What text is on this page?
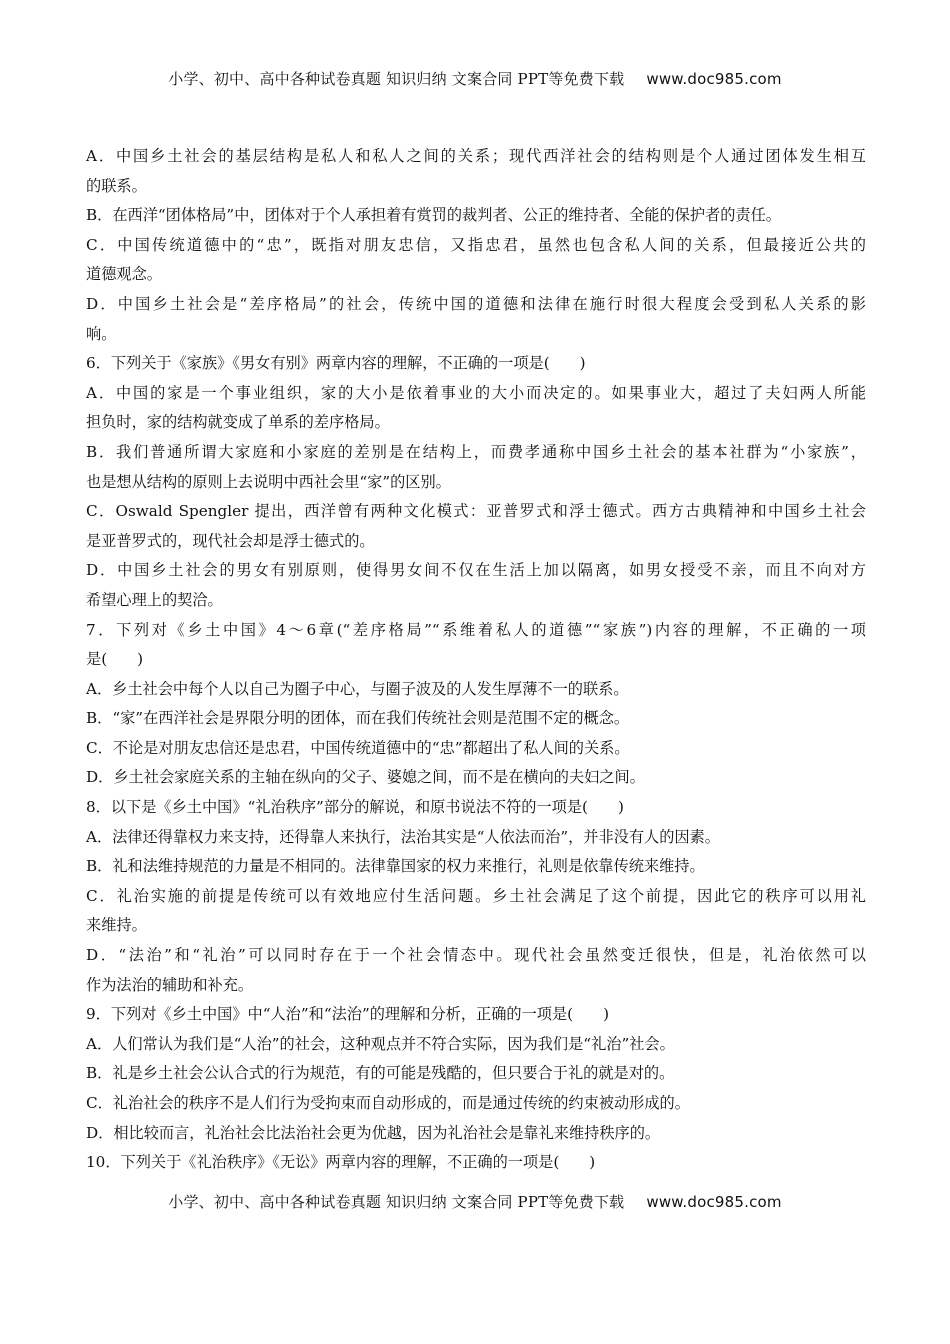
小学、初中、高中各种试卷真题 知识归纳 文案合同 PPT等免费下载 www.doc985.com
A．中国乡土社会的基层结构是私人和私人之间的关系；现代西洋社会的结构则是个人通过团体发生相互
的联系。
B．在西洋“团体格局”中，团体对于个人承担着有赏罚的裁判者、公正的维持者、全能的保护者的责任。
C．中国传统道德中的“忠”，既指对朋友忠信，又指忠君，虽然也包含私人间的关系，但最接近公共的
道德观念。
D．中国乡土社会是“差序格局”的社会，传统中国的道德和法律在施行时很大程度会受到私人关系的影
响。
6．下列关于《家族》《男女有别》两章内容的理解，不正确的一项是( )
A．中国的家是一个事业组织，家的大小是依着事业的大小而决定的。如果事业大，超过了夫妇两人所能
担负时，家的结构就变成了单系的差序格局。
B．我们普通所谓大家庭和小家庭的差别是在结构上，而费孝通称中国乡土社会的基本社群为“小家族”，
也是想从结构的原则上去说明中西社会里“家”的区别。
C．Oswald Spengler 提出，西洋曾有两种文化模式：亚普罗式和浮士德式。西方古典精神和中国乡土社会
是亚普罗式的，现代社会却是浮士德式的。
D．中国乡土社会的男女有别原则，使得男女间不仅在生活上加以隔离，如男女授受不亲，而且不向对方
希望心理上的契洽。
7．下列对《乡土中国》4～6章(“差序格局”“系维着私人的道德”“家族”)内容的理解，不正确的一项
是( )
A．乡土社会中每个人以自己为圈子中心，与圈子波及的人发生厚薄不一的联系。
B．“家”在西洋社会是界限分明的团体，而在我们传统社会则是范围不定的概念。
C．不论是对朋友忠信还是忠君，中国传统道德中的“忠”都超出了私人间的关系。
D．乡土社会家庭关系的主轴在纵向的父子、婆媳之间，而不是在横向的夫妇之间。
8．以下是《乡土中国》“礼治秩序”部分的解说，和原书说法不符的一项是( )
A．法律还得靠权力来支持，还得靠人来执行，法治其实是“人依法而治”，并非没有人的因素。
B．礼和法维持规范的力量是不相同的。法律靠国家的权力来推行，礼则是依靠传统来维持。
C．礼治实施的前提是传统可以有效地应付生活问题。乡土社会满足了这个前提，因此它的秩序可以用礼
来维持。
D．“法治”和“礼治”可以同时存在于一个社会情态中。现代社会虽然变迁很快，但是，礼治依然可以
作为法治的辅助和补充。
9．下列对《乡土中国》中“人治”和“法治”的理解和分析，正确的一项是( )
A．人们常认为我们是“人治”的社会，这种观点并不符合实际，因为我们是“礼治”社会。
B．礼是乡土社会公认合式的行为规范，有的可能是残酷的，但只要合于礼的就是对的。
C．礼治社会的秩序不是人们行为受拘束而自动形成的，而是通过传统的约束被动形成的。
D．相比较而言，礼治社会比法治社会更为优越，因为礼治社会是靠礼来维持秩序的。
10．下列关于《礼治秩序》《无讼》两章内容的理解，不正确的一项是( )
小学、初中、高中各种试卷真题 知识归纳 文案合同 PPT等免费下载 www.doc985.com
